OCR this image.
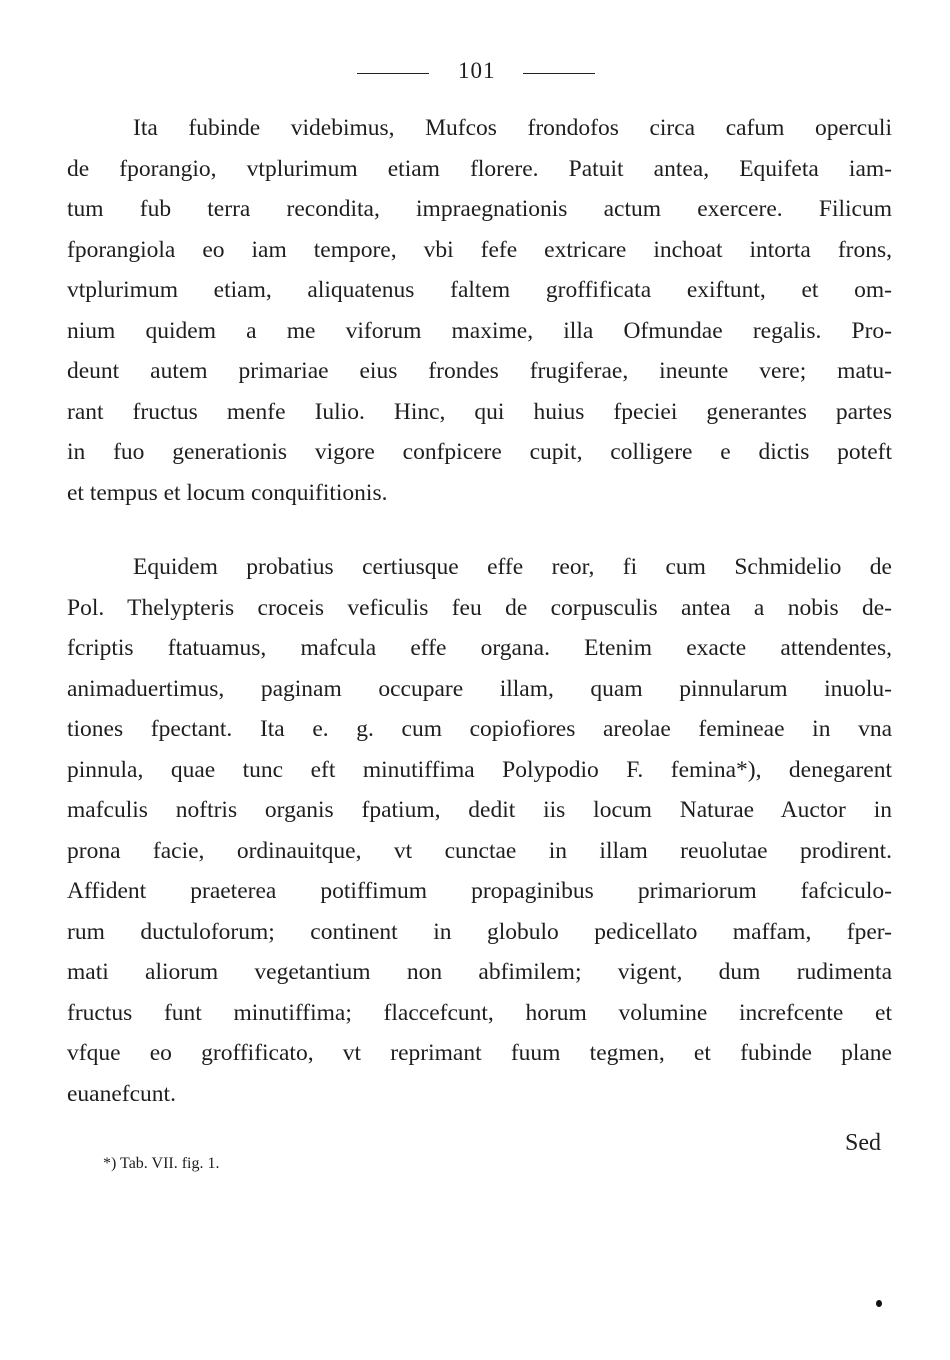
101
Ita fubinde videbimus, Mufcos frondofos circa cafum operculi
de fporangio, vtplurimum etiam florere. Patuit antea, Equifeta iam-
tum fub terra recondita, impraegnationis actum exercere. Filicum
fporangiola eo iam tempore, vbi fefe extricare inchoat intorta frons,
vtplurimum etiam, aliquatenus faltem groffificata exiftunt, et om-
nium quidem a me viforum maxime, illa Ofmundae regalis. Pro-
deunt autem primariae eius frondes frugiferae, ineunte vere; matu-
rant fructus menfe Iulio. Hinc, qui huius fpeciei generantes partes
in fuo generationis vigore confpicere cupit, colligere e dictis poteft
et tempus et locum conquifitionis.
Equidem probatius certiusque effe reor, fi cum Schmidelio de
Pol. Thelypteris croceis veficulis feu de corpusculis antea a nobis de-
fcriptis ftatuamus, mafcula effe organa. Etenim exacte attendentes,
animaduertimus, paginam occupare illam, quam pinnularum inuolu-
tiones fpectant. Ita e. g. cum copiofiores areolae femineae in vna
pinnula, quae tunc eft minutiffima Polypodio F. femina*), denegarent
mafculis noftris organis fpatium, dedit iis locum Naturae Auctor in
prona facie, ordinauitque, vt cunctae in illam reuolutae prodirent.
Affident praeterea potiffimum propaginibus primariorum fafciculo-
rum ductuloforum; continent in globulo pedicellato maffam, fper-
mati aliorum vegetantium non abfimilem; vigent, dum rudimenta
fructus funt minutiffima; flaccefcunt, horum volumine increfcente et
vfque eo groffificato, vt reprimant fuum tegmen, et fubinde plane
euanefcunt.
Sed
*) Tab. VII. fig. 1.
